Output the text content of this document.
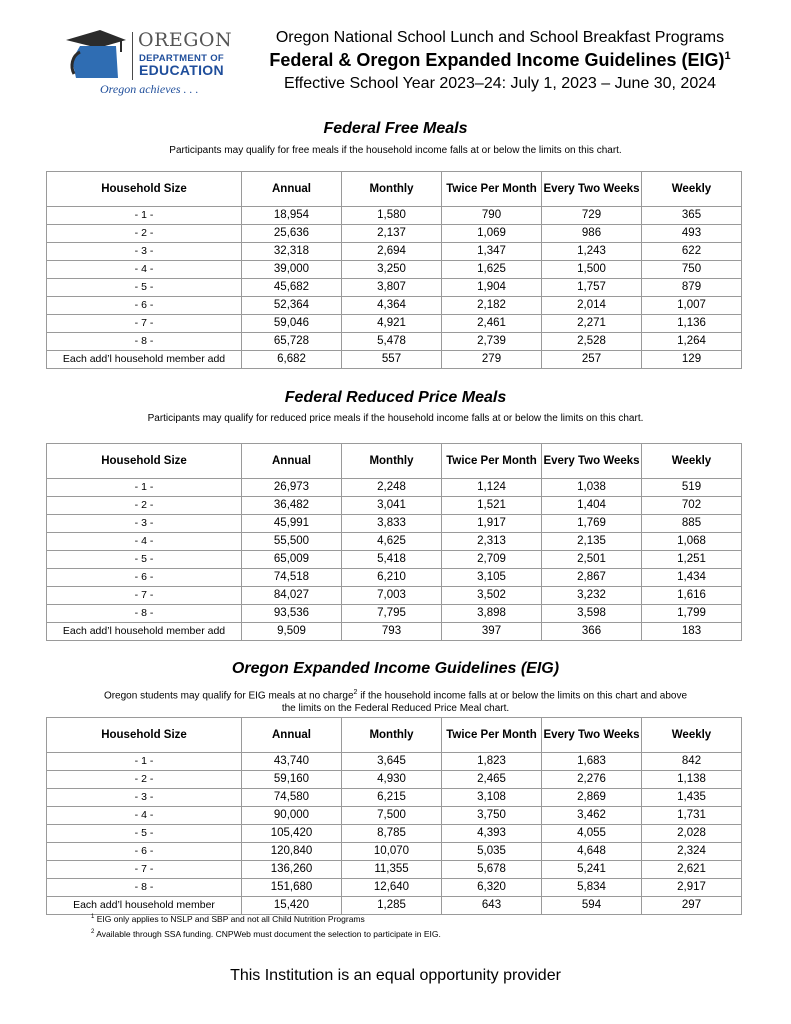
OREGON
DEPARTMENT OF
EDUCATION
Oregon achieves . . .
Oregon National School Lunch and School Breakfast Programs
Federal & Oregon Expanded Income Guidelines (EIG)$^1$
Effective School Year 2023–24: July 1, 2023 – June 30, 2024
Federal Free Meals
Participants may qualify for free meals if the household income falls at or below the limits on this chart.
Household Size	Annual	Monthly	Twice Per Month	Every Two Weeks	Weekly
- 1 -	18,954	1,580	790	729	365
- 2 -	25,636	2,137	1,069	986	493
- 3 -	32,318	2,694	1,347	1,243	622
- 4 -	39,000	3,250	1,625	1,500	750
- 5 -	45,682	3,807	1,904	1,757	879
- 6 -	52,364	4,364	2,182	2,014	1,007
- 7 -	59,046	4,921	2,461	2,271	1,136
- 8 -	65,728	5,478	2,739	2,528	1,264
Each add’l household member add	6,682	557	279	257	129
Federal Reduced Price Meals
Participants may qualify for reduced price meals if the household income falls at or below the limits on this chart.
Household Size	Annual	Monthly	Twice Per Month	Every Two Weeks	Weekly
- 1 -	26,973	2,248	1,124	1,038	519
- 2 -	36,482	3,041	1,521	1,404	702
- 3 -	45,991	3,833	1,917	1,769	885
- 4 -	55,500	4,625	2,313	2,135	1,068
- 5 -	65,009	5,418	2,709	2,501	1,251
- 6 -	74,518	6,210	3,105	2,867	1,434
- 7 -	84,027	7,003	3,502	3,232	1,616
- 8 -	93,536	7,795	3,898	3,598	1,799
Each add’l household member add	9,509	793	397	366	183
Oregon Expanded Income Guidelines (EIG)
Oregon students may qualify for EIG meals at no charge$^2$ if the household income falls at or below the limits on this chart and above
the limits on the Federal Reduced Price Meal chart.
Household Size	Annual	Monthly	Twice Per Month	Every Two Weeks	Weekly
- 1 -	43,740	3,645	1,823	1,683	842
- 2 -	59,160	4,930	2,465	2,276	1,138
- 3 -	74,580	6,215	3,108	2,869	1,435
- 4 -	90,000	7,500	3,750	3,462	1,731
- 5 -	105,420	8,785	4,393	4,055	2,028
- 6 -	120,840	10,070	5,035	4,648	2,324
- 7 -	136,260	11,355	5,678	5,241	2,621
- 8 -	151,680	12,640	6,320	5,834	2,917
Each add’l household member	15,420	1,285	643	594	297
$^1$ EIG only applies to NSLP and SBP and not all Child Nutrition Programs
$^2$ Available through SSA funding. CNPWeb must document the selection to participate in EIG.
This Institution is an equal opportunity provider
